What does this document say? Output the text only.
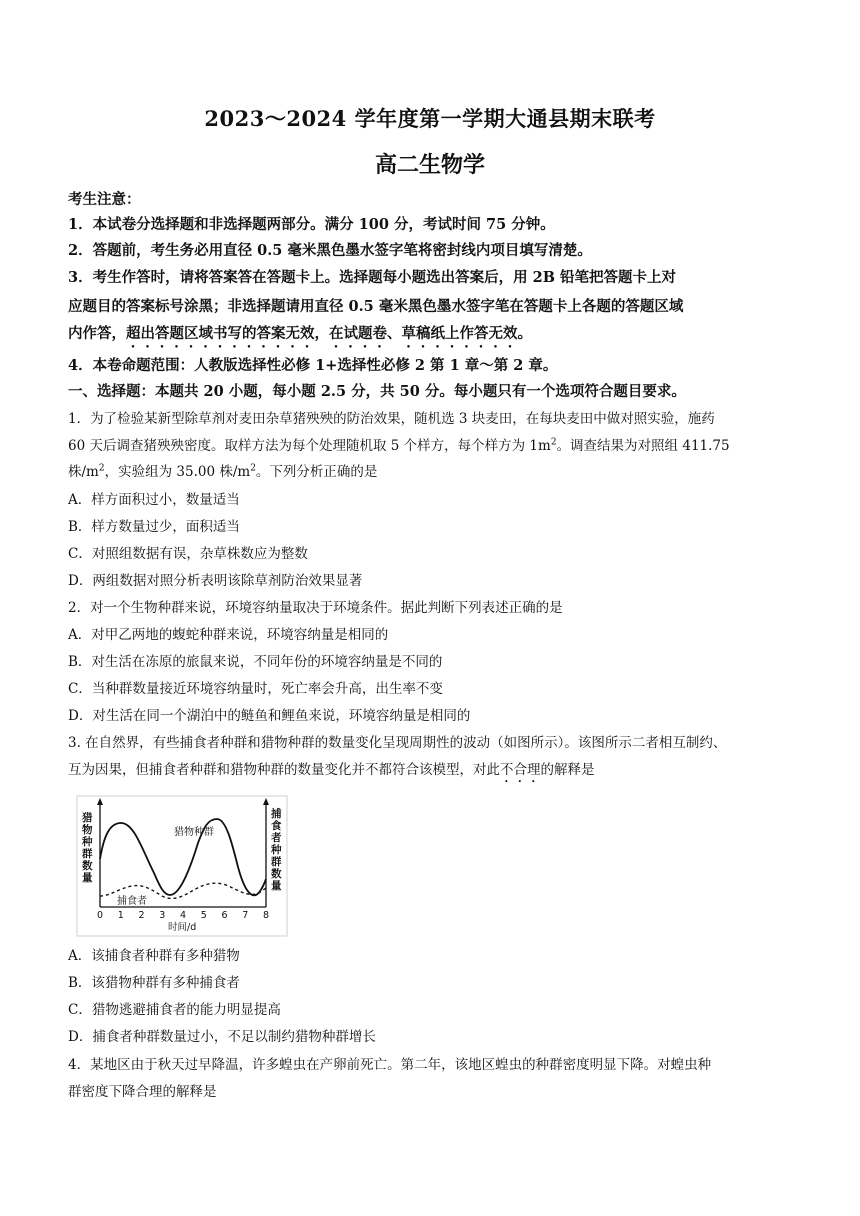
2023～2024 学年度第一学期大通县期末联考
高二生物学
考生注意：
1．本试卷分选择题和非选择题两部分。满分 100 分，考试时间 75 分钟。
2．答题前，考生务必用直径 0.5 毫米黑色墨水签字笔将密封线内项目填写清楚。
3．考生作答时，请将答案答在答题卡上。选择题每小题选出答案后，用 2B 铅笔把答题卡上对
应题目的答案标号涂黑；非选择题请用直径 0.5 毫米黑色墨水签字笔在答题卡上各题的答题区域
内作答，超出答题区域书写的答案无效，在试题卷、草稿纸上作答无效。
4．本卷命题范围：人教版选择性必修 1+选择性必修 2 第 1 章～第 2 章。
一、选择题：本题共 20 小题，每小题 2.5 分，共 50 分。每小题只有一个选项符合题目要求。
1．为了检验某新型除草剂对麦田杂草猪殃殃的防治效果，随机选 3 块麦田，在每块麦田中做对照实验，施药
60 天后调查猪殃殃密度。取样方法为每个处理随机取 5 个样方，每个样方为 $1m^2$。调查结果为对照组 411.75
株$/m^2$，实验组为 35.00 株$/m^2$。下列分析正确的是
A．样方面积过小，数量适当
B．样方数量过少，面积适当
C．对照组数据有误，杂草株数应为整数
D．两组数据对照分析表明该除草剂防治效果显著
2．对一个生物种群来说，环境容纳量取决于环境条件。据此判断下列表述正确的是
A．对甲乙两地的蝮蛇种群来说，环境容纳量是相同的
B．对生活在冻原的旅鼠来说，不同年份的环境容纳量是不同的
C．当种群数量接近环境容纳量时，死亡率会升高，出生率不变
D．对生活在同一个湖泊中的鲢鱼和鲤鱼来说，环境容纳量是相同的
3. 在自然界，有些捕食者种群和猎物种群的数量变化呈现周期性的波动（如图所示）。该图所示二者相互制约、
互为因果，但捕食者种群和猎物种群的数量变化并不都符合该模型，对此不合理的解释是
猎物种群
捕食者
0 1 2 3 4 5 6 7 8
时间/d
猎
物
种
群
数
量
捕
食
者
种
群
数
量
A．该捕食者种群有多种猎物
B．该猎物种群有多种捕食者
C．猎物逃避捕食者的能力明显提高
D．捕食者种群数量过小，不足以制约猎物种群增长
4．某地区由于秋天过早降温，许多蝗虫在产卵前死亡。第二年，该地区蝗虫的种群密度明显下降。对蝗虫种
群密度下降合理的解释是
